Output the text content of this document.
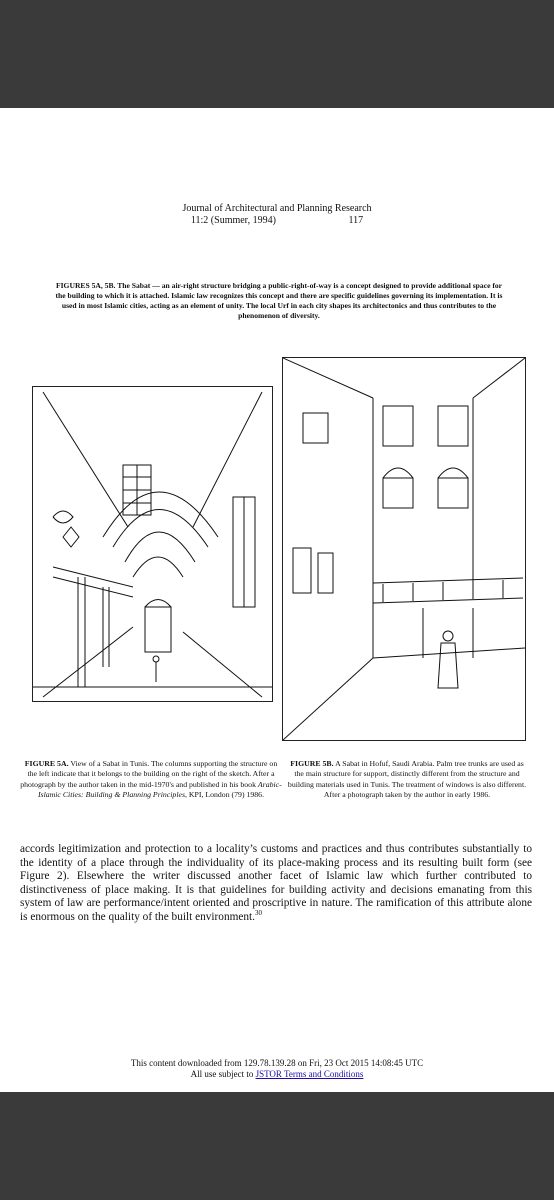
Journal of Architectural and Planning Research
11:2 (Summer, 1994)	117
FIGURES 5A, 5B. The Sabat — an air-right structure bridging a public-right-of-way is a concept designed to provide additional space for the building to which it is attached. Islamic law recognizes this concept and there are specific guidelines governing its implementation. It is used in most Islamic cities, acting as an element of unity. The local Urf in each city shapes its architectonics and thus contributes to the phenomenon of diversity.
FIGURE 5A. View of a Sabat in Tunis. The columns supporting the structure on the left indicate that it belongs to the building on the right of the sketch. After a photograph by the author taken in the mid-1970's and published in his book Arabic-Islamic Cities: Building & Planning Principles, KPI, London (79) 1986.
FIGURE 5B. A Sabat in Hofuf, Saudi Arabia. Palm tree trunks are used as the main structure for support, distinctly different from the structure and building materials used in Tunis. The treatment of windows is also different. After a photograph taken by the author in early 1986.
accords legitimization and protection to a locality’s customs and practices and thus contributes substantially to the identity of a place through the individuality of its place-making process and its resulting built form (see Figure 2). Elsewhere the writer discussed another facet of Islamic law which further contributed to distinctiveness of place making. It is that guidelines for building activity and decisions emanating from this system of law are performance/intent oriented and proscriptive in nature. The ramification of this attribute alone is enormous on the quality of the built environment.$^{30}$
This content downloaded from 129.78.139.28 on Fri, 23 Oct 2015 14:08:45 UTC
All use subject to JSTOR Terms and Conditions
